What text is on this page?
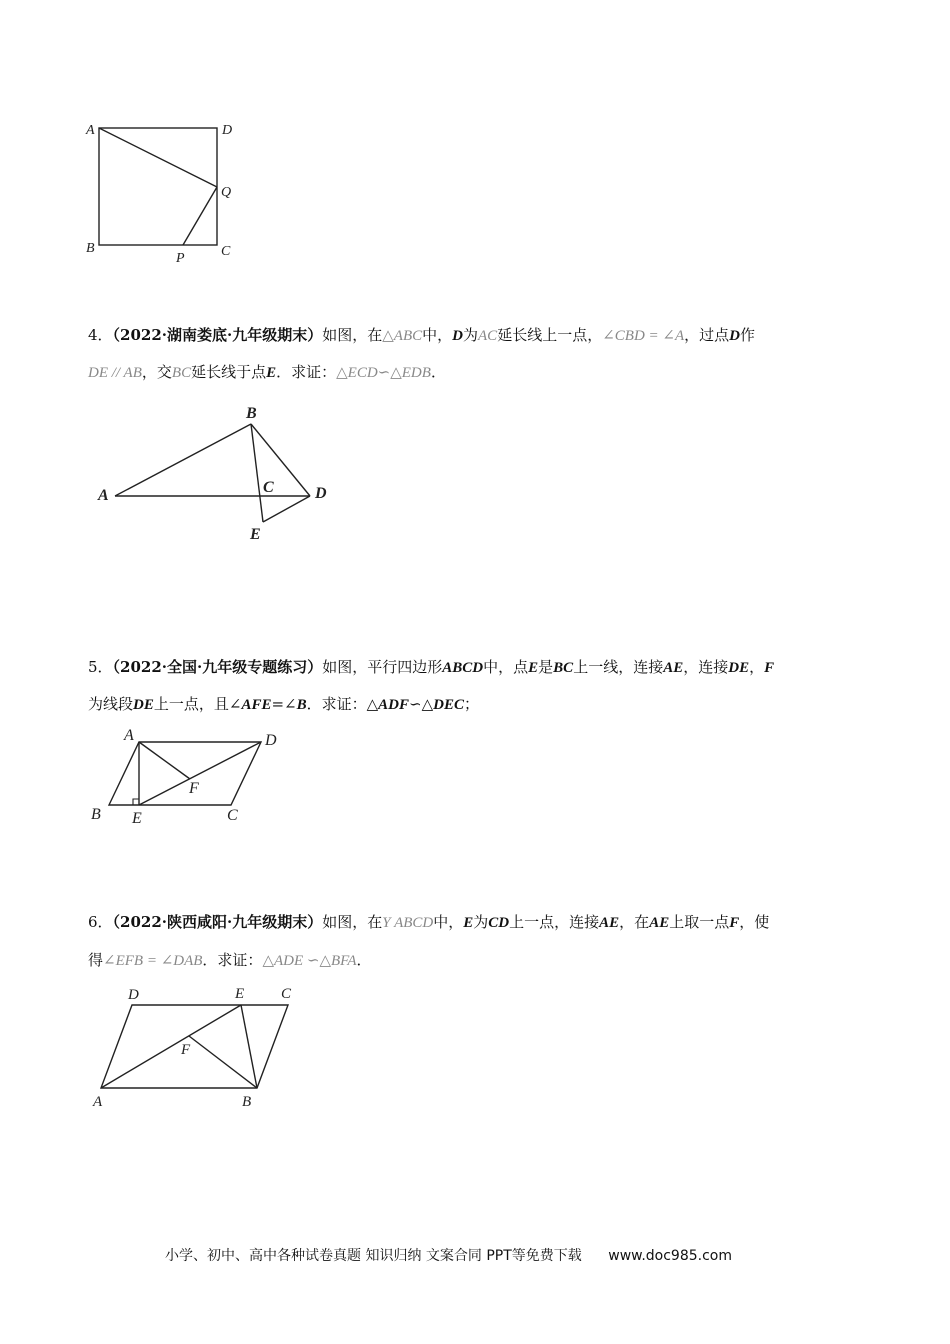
A	D
Q
B
P	C
4．（2022·湖南娄底·九年级期末）如图，在△ABC中，D为AC延长线上一点，∠CBD = ∠A，过点D作
DE // AB，交BC延长线于点E．求证：△ECD∽△EDB．
A
B
C	D
E
5．（2022·全国·九年级专题练习）如图，平行四边形ABCD中，点E是BC上一线，连接AE，连接DE，F
为线段DE上一点，且∠AFE=∠B．求证：△ADF∽△DEC；
A	D
F
B E	C
6．（2022·陕西咸阳·九年级期末）如图，在Y ABCD中，E为CD上一点，连接AE，在AE上取一点F，使
得∠EFB = ∠DAB．求证：△ADE ∽△BFA．
D	E C
F
A	B
小学、初中、高中各种试卷真题 知识归纳 文案合同 PPT等免费下载 www.doc985.com
